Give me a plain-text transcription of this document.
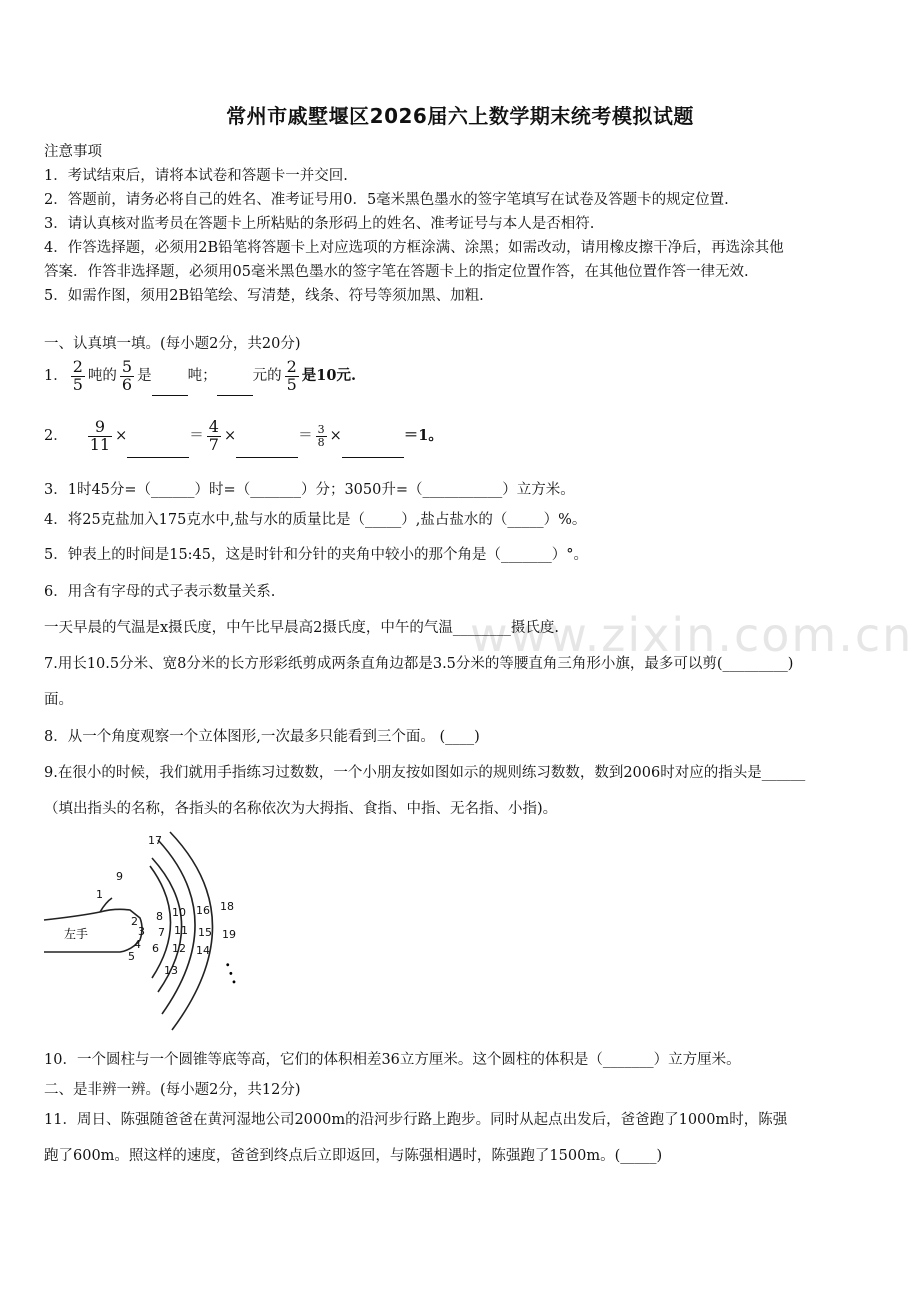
www.zixin.com.cn
常州市戚墅堰区2026届六上数学期末统考模拟试题
注意事项
1．考试结束后，请将本试卷和答题卡一并交回.
2．答题前，请务必将自己的姓名、准考证号用0．5毫米黑色墨水的签字笔填写在试卷及答题卡的规定位置.
3．请认真核对监考员在答题卡上所粘贴的条形码上的姓名、准考证号与本人是否相符.
4．作答选择题，必须用2B铅笔将答题卡上对应选项的方框涂满、涂黑；如需改动，请用橡皮擦干净后，再选涂其他
答案．作答非选择题，必须用05毫米黑色墨水的签字笔在答题卡上的指定位置作答，在其他位置作答一律无效.
5．如需作图，须用2B铅笔绘、写清楚，线条、符号等须加黑、加粗.
一、认真填一填。(每小题2分，共20分)
1． $\frac{2}{5}$ 吨的 $\frac{5}{6}$ 是 吨； 元的 $\frac{2}{5}$ 是10元.
2． $\frac{9}{11}$ ×	＝ $\frac{4}{7}$ ×	＝ $\frac{3}{8}$ ×	＝1。
3．1时45分=（______）时=（_______）分；3050升=（___________）立方米。
4．将25克盐加入175克水中,盐与水的质量比是（_____）,盐占盐水的（_____）%。
5．钟表上的时间是15:45，这是时针和分针的夹角中较小的那个角是（_______）°。
6．用含有字母的式子表示数量关系.
一天早晨的气温是x摄氏度，中午比早晨高2摄氏度，中午的气温________摄氏度.
7.用长10.5分米、宽8分米的长方形彩纸剪成两条直角边都是3.5分米的等腰直角三角形小旗，最多可以剪(_________)
面。
8．从一个角度观察一个立体图形,一次最多只能看到三个面。 (____)
9.在很小的时候，我们就用手指练习过数数，一个小朋友按如图如示的规则练习数数，数到2006时对应的指头是______
（填出指头的名称，各指头的名称依次为大拇指、食指、中指、无名指、小指)。
左手
1
2
3
4
5
6
7
8
9
10
11
12
13
14
15
16
17
18
19
• • •
10．一个圆柱与一个圆锥等底等高，它们的体积相差36立方厘米。这个圆柱的体积是（_______）立方厘米。
二、是非辨一辨。(每小题2分，共12分)
11．周日、陈强随爸爸在黄河湿地公司2000m的沿河步行路上跑步。同时从起点出发后，爸爸跑了1000m时，陈强
跑了600m。照这样的速度，爸爸到终点后立即返回，与陈强相遇时，陈强跑了1500m。(_____)
